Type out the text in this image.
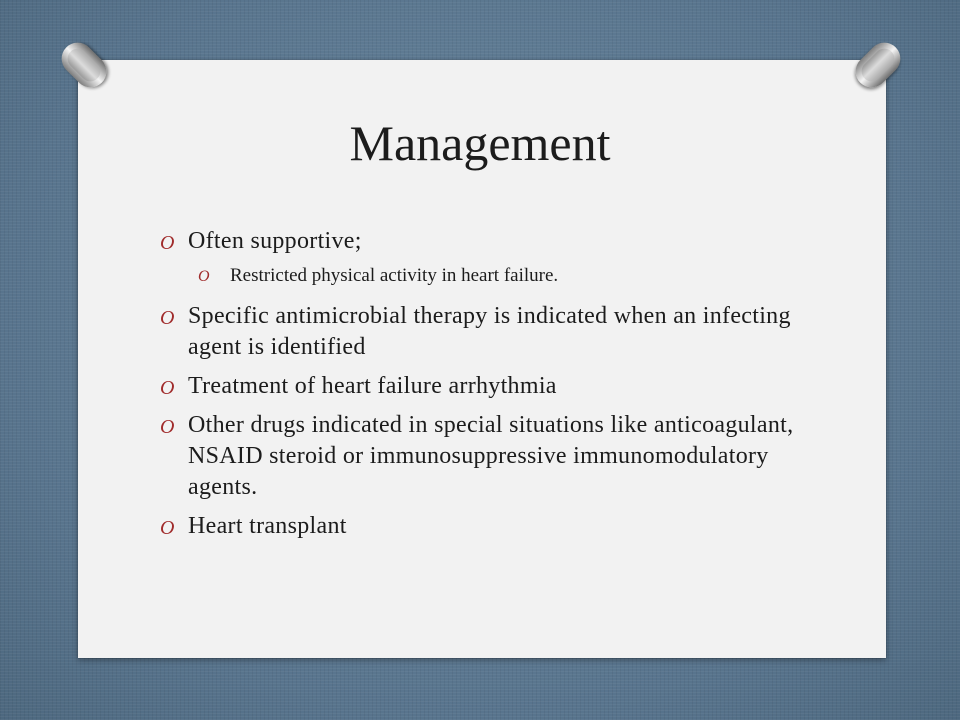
Management
O Often supportive;
O Restricted physical activity in heart failure.
O Specific antimicrobial therapy is indicated when an infecting agent is identified
O Treatment of heart failure arrhythmia
O Other drugs indicated in special situations like anticoagulant, NSAID steroid or immunosuppressive immunomodulatory agents.
O Heart transplant
